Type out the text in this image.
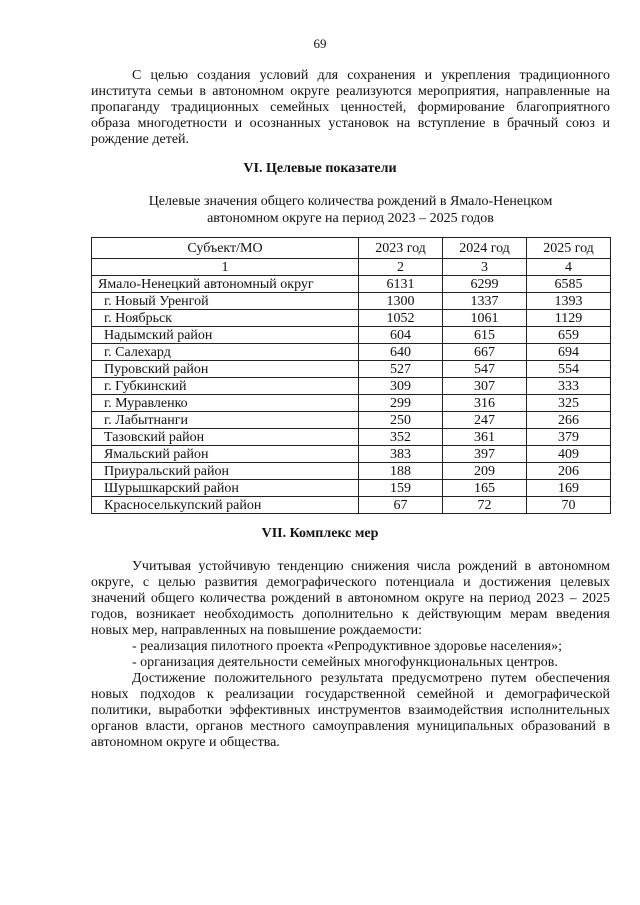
69

С целью создания условий для сохранения и укрепления традиционного института семьи в автономном округе реализуются мероприятия, направленные на пропаганду традиционных семейных ценностей, формирование благоприятного образа многодетности и осознанных установок на вступление в брачный союз и рождение детей.

VI. Целевые показатели
Целевые значения общего количества рождений в Ямало-Ненецком
автономном округе на период 2023 – 2025 годов
Субъект/МО	2023 год	2024 год	2025 год
1	2	3	4
Ямало-Ненецкий автономный округ	6131	6299	6585
г. Новый Уренгой	1300	1337	1393
г. Ноябрьск	1052	1061	1129
Надымский район	604	615	659
г. Салехард	640	667	694
Пуровский район	527	547	554
г. Губкинский	309	307	333
г. Муравленко	299	316	325
г. Лабытнанги	250	247	266
Тазовский район	352	361	379
Ямальский район	383	397	409
Приуральский район	188	209	206
Шурышкарский район	159	165	169
Красноселькупский район	67	72	70
VII. Комплекс мер

Учитывая устойчивую тенденцию снижения числа рождений в автономном округе, с целью развития демографического потенциала и достижения целевых значений общего количества рождений в автономном округе на период 2023 – 2025 годов, возникает необходимость дополнительно к действующим мерам введения новых мер, направленных на повышение рождаемости:

- реализация пилотного проекта «Репродуктивное здоровье населения»;

- организация деятельности семейных многофункциональных центров.

Достижение положительного результата предусмотрено путем обеспечения новых подходов к реализации государственной семейной и демографической политики, выработки эффективных инструментов взаимодействия исполнительных органов власти, органов местного самоуправления муниципальных образований в автономном округе и общества.
